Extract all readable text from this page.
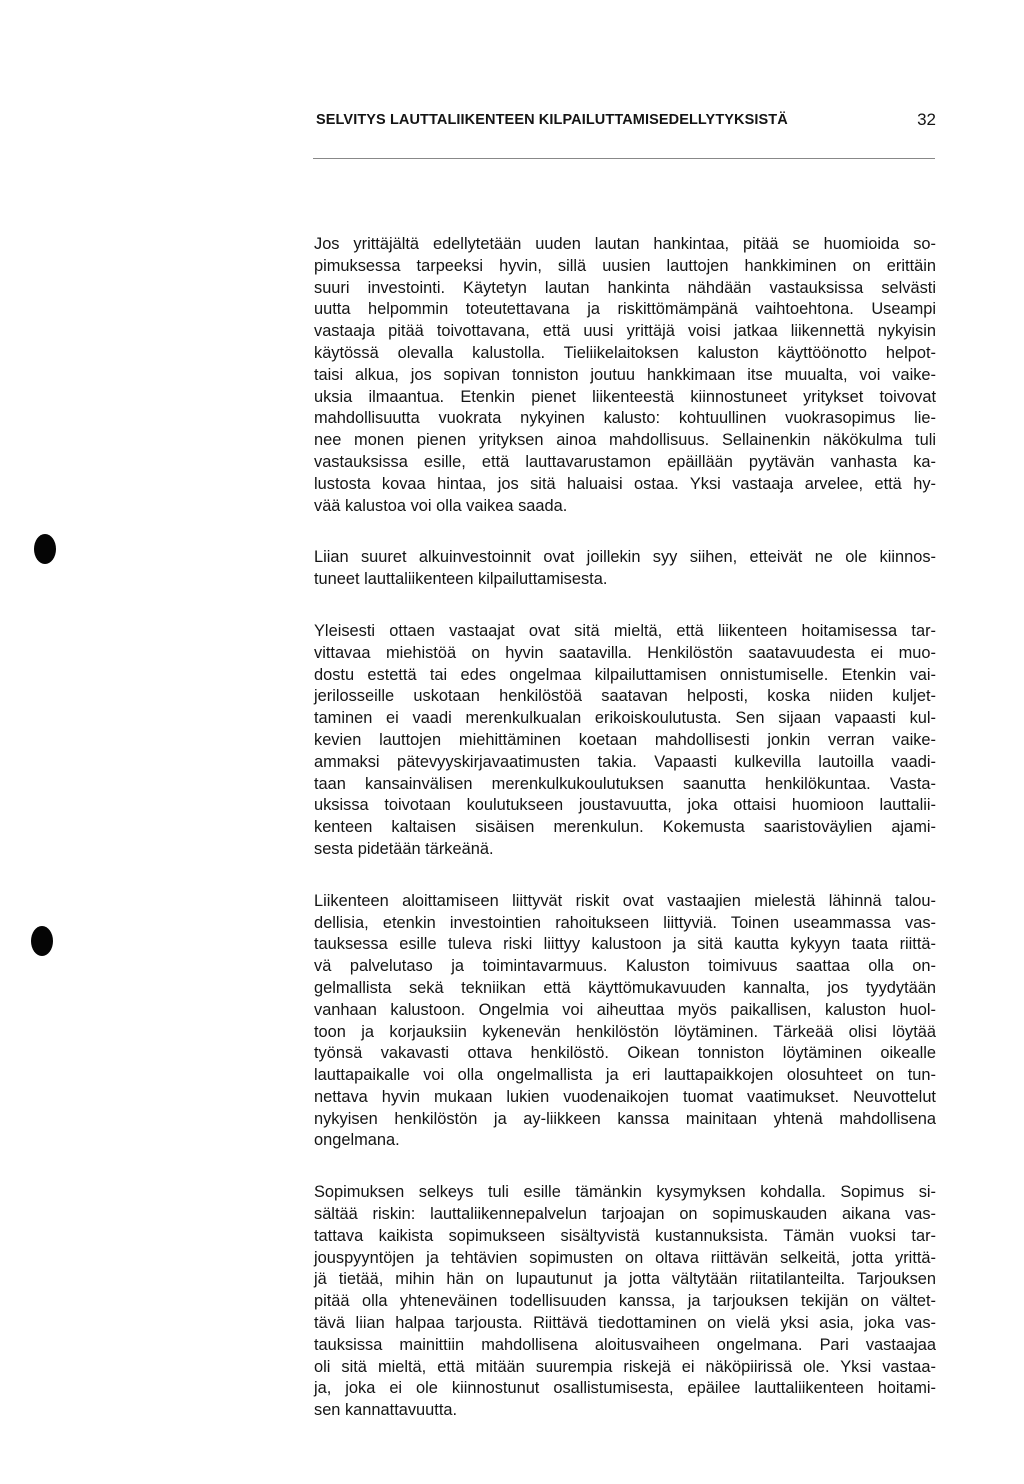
SELVITYS LAUTTALIIKENTEEN KILPAILUTTAMISEDELLYTYKSISTÄ	32

Jos yrittäjältä edellytetään uuden lautan hankintaa, pitää se huomioida so-
pimuksessa tarpeeksi hyvin, sillä uusien lauttojen hankkiminen on erittäin
suuri investointi. Käytetyn lautan hankinta nähdään vastauksissa selvästi
uutta helpommin toteutettavana ja riskittömämpänä vaihtoehtona. Useampi
vastaaja pitää toivottavana, että uusi yrittäjä voisi jatkaa liikennettä nykyisin
käytössä olevalla kalustolla. Tieliikelaitoksen kaluston käyttöönotto helpot-
taisi alkua, jos sopivan tonniston joutuu hankkimaan itse muualta, voi vaike-
uksia ilmaantua. Etenkin pienet liikenteestä kiinnostuneet yritykset toivovat
mahdollisuutta vuokrata nykyinen kalusto: kohtuullinen vuokrasopimus lie-
nee monen pienen yrityksen ainoa mahdollisuus. Sellainenkin näkökulma tuli
vastauksissa esille, että lauttavarustamon epäillään pyytävän vanhasta ka-
lustosta kovaa hintaa, jos sitä haluaisi ostaa. Yksi vastaaja arvelee, että hy-
vää kalustoa voi olla vaikea saada.

Liian suuret alkuinvestoinnit ovat joillekin syy siihen, etteivät ne ole kiinnos-
tuneet lauttaliikenteen kilpailuttamisesta.

Yleisesti ottaen vastaajat ovat sitä mieltä, että liikenteen hoitamisessa tar-
vittavaa miehistöä on hyvin saatavilla. Henkilöstön saatavuudesta ei muo-
dostu estettä tai edes ongelmaa kilpailuttamisen onnistumiselle. Etenkin vai-
jerilosseille uskotaan henkilöstöä saatavan helposti, koska niiden kuljet-
taminen ei vaadi merenkulkualan erikoiskoulutusta. Sen sijaan vapaasti kul-
kevien lauttojen miehittäminen koetaan mahdollisesti jonkin verran vaike-
ammaksi pätevyyskirjavaatimusten takia. Vapaasti kulkevilla lautoilla vaadi-
taan kansainvälisen merenkulkukoulutuksen saanutta henkilökuntaa. Vasta-
uksissa toivotaan koulutukseen joustavuutta, joka ottaisi huomioon lauttalii-
kenteen kaltaisen sisäisen merenkulun. Kokemusta saaristoväylien ajami-
sesta pidetään tärkeänä.

Liikenteen aloittamiseen liittyvät riskit ovat vastaajien mielestä lähinnä talou-
dellisia, etenkin investointien rahoitukseen liittyviä. Toinen useammassa vas-
tauksessa esille tuleva riski liittyy kalustoon ja sitä kautta kykyyn taata riittä-
vä palvelutaso ja toimintavarmuus. Kaluston toimivuus saattaa olla on-
gelmallista sekä tekniikan että käyttömukavuuden kannalta, jos tyydytään
vanhaan kalustoon. Ongelmia voi aiheuttaa myös paikallisen, kaluston huol-
toon ja korjauksiin kykenevän henkilöstön löytäminen. Tärkeää olisi löytää
työnsä vakavasti ottava henkilöstö. Oikean tonniston löytäminen oikealle
lauttapaikalle voi olla ongelmallista ja eri lauttapaikkojen olosuhteet on tun-
nettava hyvin mukaan lukien vuodenaikojen tuomat vaatimukset. Neuvottelut
nykyisen henkilöstön ja ay-liikkeen kanssa mainitaan yhtenä mahdollisena
ongelmana.

Sopimuksen selkeys tuli esille tämänkin kysymyksen kohdalla. Sopimus si-
sältää riskin: lauttaliikennepalvelun tarjoajan on sopimuskauden aikana vas-
tattava kaikista sopimukseen sisältyvistä kustannuksista. Tämän vuoksi tar-
jouspyyntöjen ja tehtävien sopimusten on oltava riittävän selkeitä, jotta yrittä-
jä tietää, mihin hän on lupautunut ja jotta vältytään riitatilanteilta. Tarjouksen
pitää olla yhteneväinen todellisuuden kanssa, ja tarjouksen tekijän on vältet-
tävä liian halpaa tarjousta. Riittävä tiedottaminen on vielä yksi asia, joka vas-
tauksissa mainittiin mahdollisena aloitusvaiheen ongelmana. Pari vastaajaa
oli sitä mieltä, että mitään suurempia riskejä ei näköpiirissä ole. Yksi vastaa-
ja, joka ei ole kiinnostunut osallistumisesta, epäilee lauttaliikenteen hoitami-
sen kannattavuutta.
